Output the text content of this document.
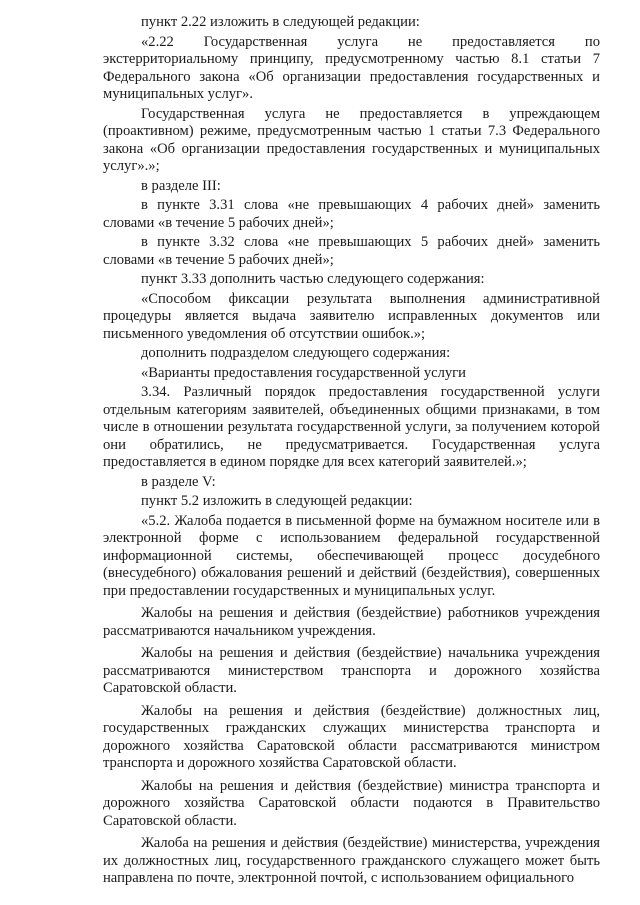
пункт 2.22 изложить в следующей редакции:

«2.22 Государственная услуга не предоставляется по экстерриториальному принципу, предусмотренному частью 8.1 статьи 7 Федерального закона «Об организации предоставления государственных и муниципальных услуг».

Государственная услуга не предоставляется в упреждающем (проактивном) режиме, предусмотренным частью 1 статьи 7.3 Федерального закона «Об организации предоставления государственных и муниципальных услуг».»;

в разделе III:

в пункте 3.31 слова «не превышающих 4 рабочих дней» заменить словами «в течение 5 рабочих дней»;

в пункте 3.32 слова «не превышающих 5 рабочих дней» заменить словами «в течение 5 рабочих дней»;

пункт 3.33 дополнить частью следующего содержания:

«Способом фиксации результата выполнения административной процедуры является выдача заявителю исправленных документов или письменного уведомления об отсутствии ошибок.»;

дополнить подразделом следующего содержания:

«Варианты предоставления государственной услуги

3.34. Различный порядок предоставления государственной услуги отдельным категориям заявителей, объединенных общими признаками, в том числе в отношении результата государственной услуги, за получением которой они обратились, не предусматривается. Государственная услуга предоставляется в едином порядке для всех категорий заявителей.»;

в разделе V:

пункт 5.2 изложить в следующей редакции:

«5.2. Жалоба подается в письменной форме на бумажном носителе или в электронной форме с использованием федеральной государственной информационной системы, обеспечивающей процесс досудебного (внесудебного) обжалования решений и действий (бездействия), совершенных при предоставлении государственных и муниципальных услуг.

Жалобы на решения и действия (бездействие) работников учреждения рассматриваются начальником учреждения.

Жалобы на решения и действия (бездействие) начальника учреждения рассматриваются министерством транспорта и дорожного хозяйства Саратовской области.

Жалобы на решения и действия (бездействие) должностных лиц, государственных гражданских служащих министерства транспорта и дорожного хозяйства Саратовской области рассматриваются министром транспорта и дорожного хозяйства Саратовской области.

Жалобы на решения и действия (бездействие) министра транспорта и дорожного хозяйства Саратовской области подаются в Правительство Саратовской области.

Жалоба на решения и действия (бездействие) министерства, учреждения их должностных лиц, государственного гражданского служащего может быть направлена по почте, электронной почтой, с использованием официального
